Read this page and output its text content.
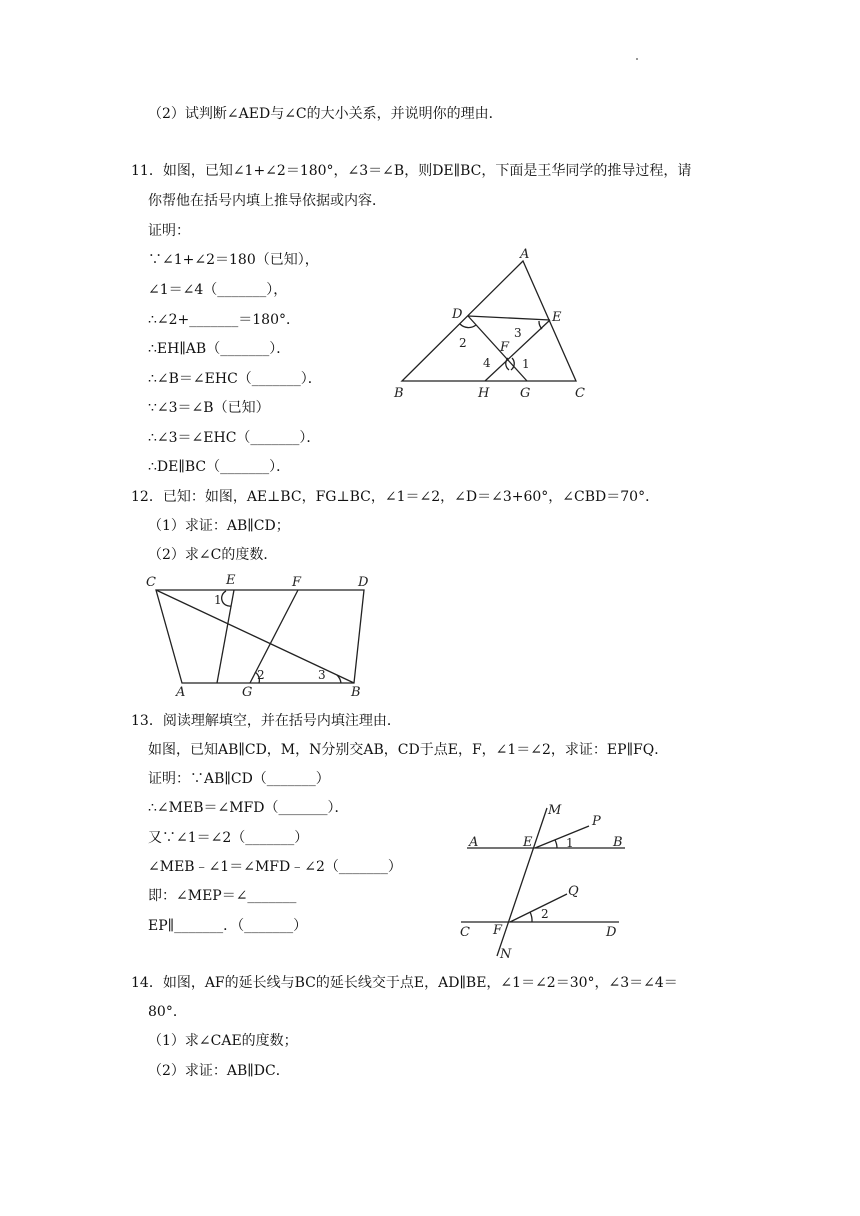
（2）试判断∠AED与∠C的大小关系，并说明你的理由．
11．如图，已知∠1+∠2＝180°，∠3＝∠B，则DE∥BC，下面是王华同学的推导过程，请
你帮他在括号内填上推导依据或内容．
证明：
∵∠1+∠2＝180（已知），
∠1＝∠4（_______），
∴∠2+_______＝180°．
∴EH∥AB（_______）．
∴∠B＝∠EHC（_______）．
∵∠3＝∠B（已知）
∴∠3＝∠EHC（_______）．
∴DE∥BC（_______）．
A
D	E
F
B	H G	C
2
3
4	1
12．已知：如图，AE⊥BC，FG⊥BC，∠1＝∠2，∠D＝∠3+60°，∠CBD＝70°．
（1）求证：AB∥CD；
（2）求∠C的度数．
C	E	F	D
A	G	B
1
2	3
13．阅读理解填空，并在括号内填注理由．
如图，已知AB∥CD，M，N分别交AB，CD于点E，F，∠1＝∠2，求证：EP∥FQ．
证明：∵AB∥CD（_______）
∴∠MEB＝∠MFD（_______）．
又∵∠1＝∠2（_______）
∠MEB﹣∠1＝∠MFD﹣∠2（_______）
即：∠MEP＝∠_______
EP∥_______．（_______）
M
P
A	E	B
1
Q
2
C F	D
N
14．如图，AF的延长线与BC的延长线交于点E，AD∥BE，∠1＝∠2＝30°，∠3＝∠4＝
80°．
（1）求∠CAE的度数；
（2）求证：AB∥DC．
